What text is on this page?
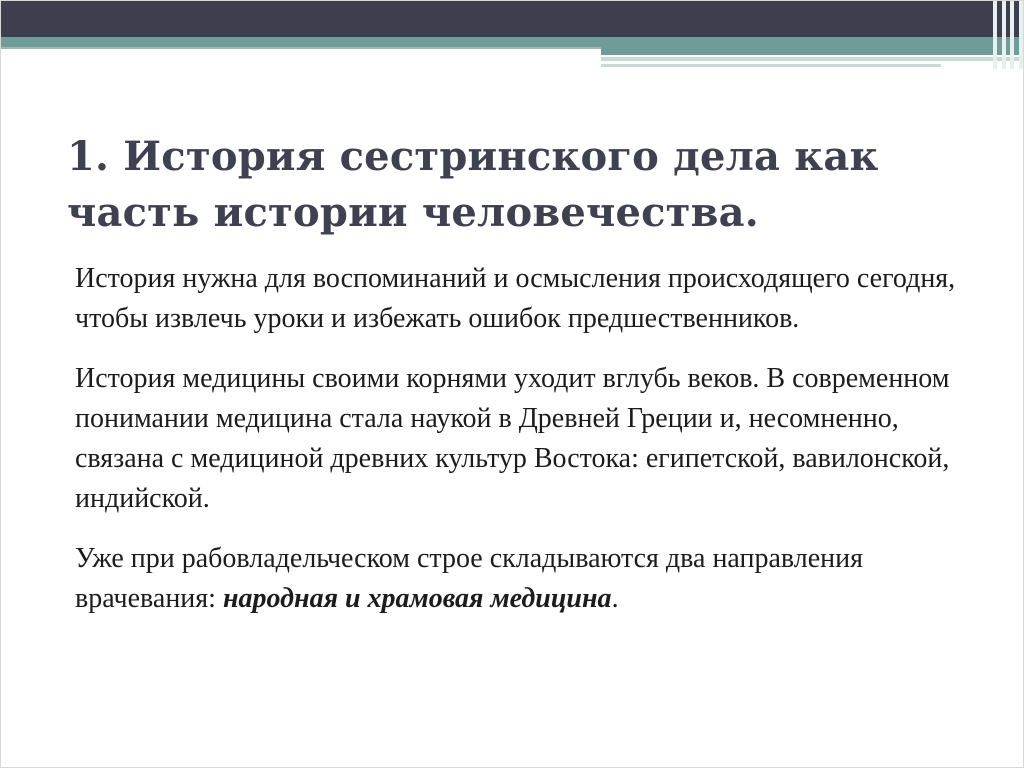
1. История сестринского дела как часть истории человечества.

История нужна для воспоминаний и осмысления происходящего сегодня, чтобы извлечь уроки и избежать ошибок предшественников.

История медицины своими корнями уходит вглубь веков. В современном понимании медицина стала наукой в Древней Греции и, несомненно, связана с медициной древних культур Востока: египетской, вавилонской, индийской.

Уже при рабовладельческом строе складываются два направления врачевания: народная и храмовая медицина.
